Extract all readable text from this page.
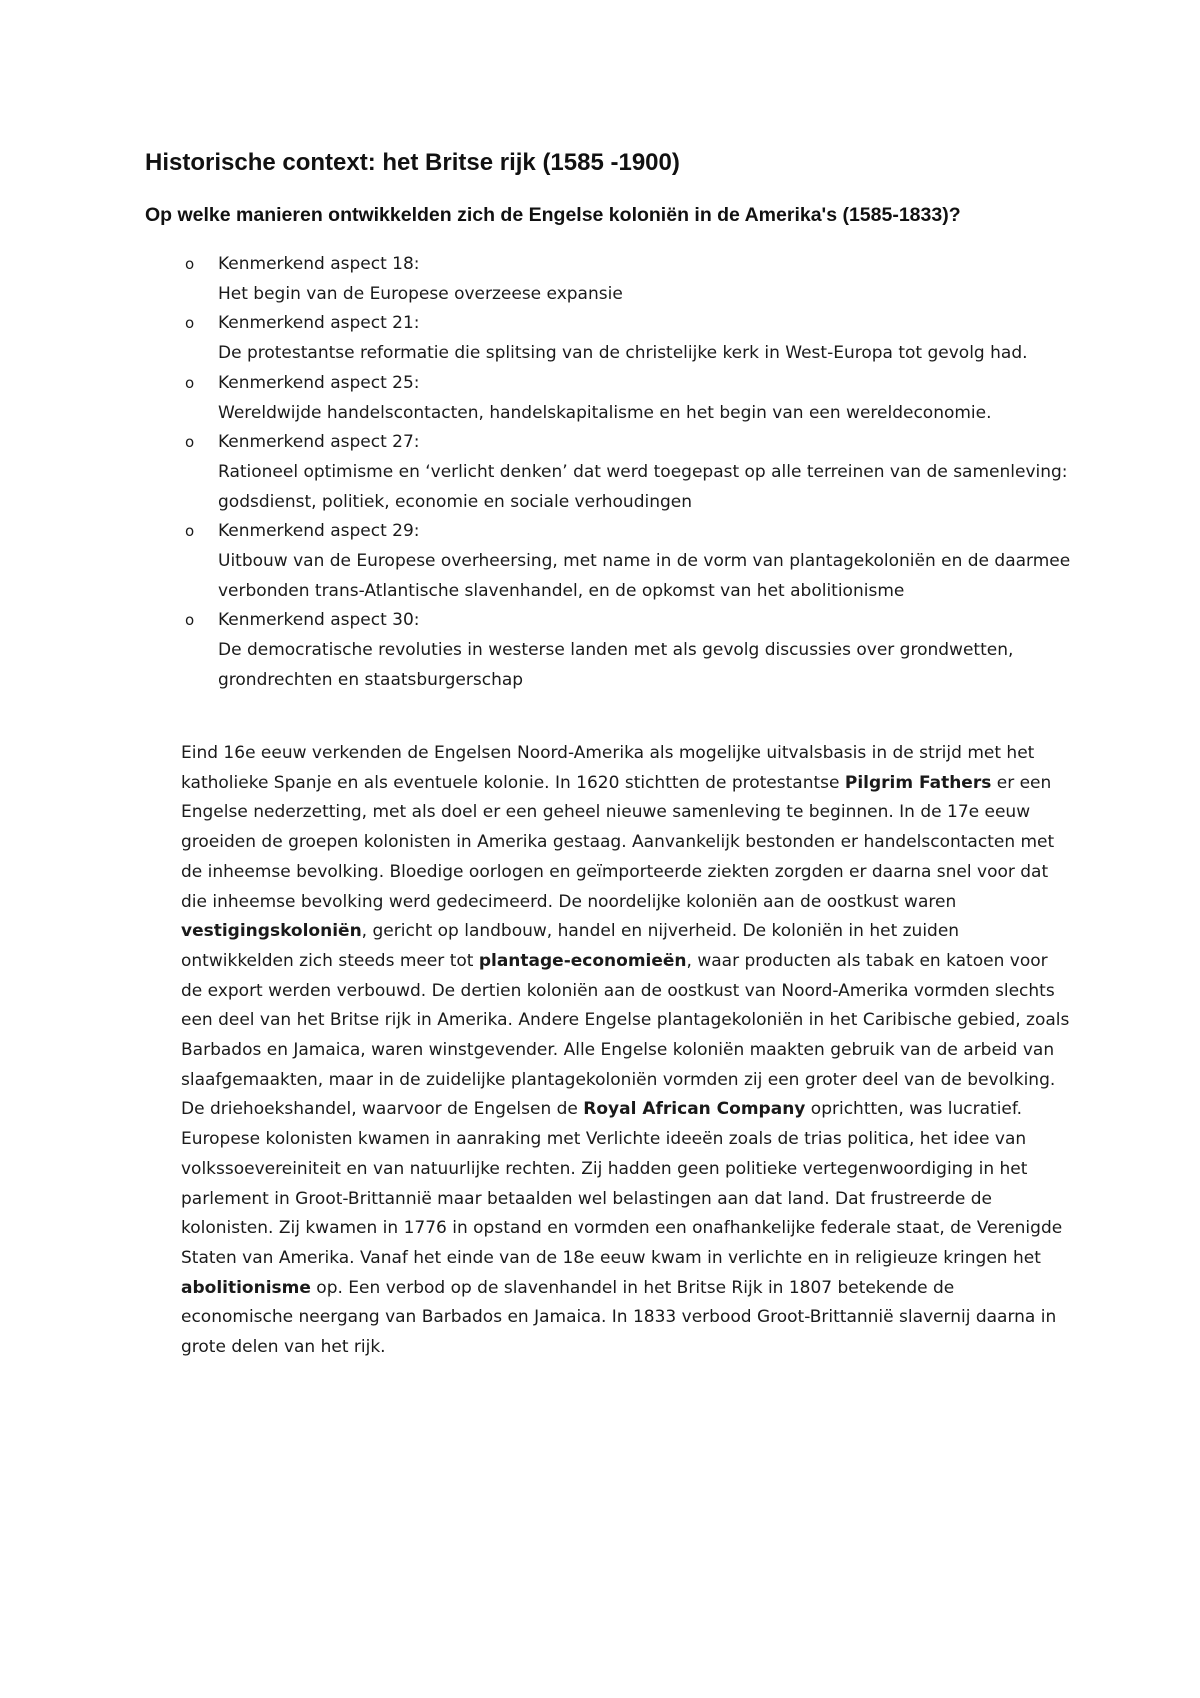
Historische context: het Britse rijk (1585 -1900)
Op welke manieren ontwikkelden zich de Engelse koloniën in de Amerika's (1585-1833)?
o Kenmerkend aspect 18:
Het begin van de Europese overzeese expansie
o Kenmerkend aspect 21:
De protestantse reformatie die splitsing van de christelijke kerk in West-Europa tot gevolg had.
o Kenmerkend aspect 25:
Wereldwijde handelscontacten, handelskapitalisme en het begin van een wereldeconomie.
o Kenmerkend aspect 27:
Rationeel optimisme en ‘verlicht denken’ dat werd toegepast op alle terreinen van de samenleving: godsdienst, politiek, economie en sociale verhoudingen
o Kenmerkend aspect 29:
Uitbouw van de Europese overheersing, met name in de vorm van plantagekoloniën en de daarmee verbonden trans-Atlantische slavenhandel, en de opkomst van het abolitionisme
o Kenmerkend aspect 30:
De democratische revoluties in westerse landen met als gevolg discussies over grondwetten, grondrechten en staatsburgerschap

Eind 16e eeuw verkenden de Engelsen Noord-Amerika als mogelijke uitvalsbasis in de strijd met het katholieke Spanje en als eventuele kolonie. In 1620 stichtten de protestantse Pilgrim Fathers er een Engelse nederzetting, met als doel er een geheel nieuwe samenleving te beginnen. In de 17e eeuw groeiden de groepen kolonisten in Amerika gestaag. Aanvankelijk bestonden er handelscontacten met de inheemse bevolking. Bloedige oorlogen en geïmporteerde ziekten zorgden er daarna snel voor dat die inheemse bevolking werd gedecimeerd. De noordelijke koloniën aan de oostkust waren vestigingskoloniën, gericht op landbouw, handel en nijverheid. De koloniën in het zuiden ontwikkelden zich steeds meer tot plantage-economieën, waar producten als tabak en katoen voor de export werden verbouwd. De dertien koloniën aan de oostkust van Noord-Amerika vormden slechts een deel van het Britse rijk in Amerika. Andere Engelse plantagekoloniën in het Caribische gebied, zoals Barbados en Jamaica, waren winstgevender. Alle Engelse koloniën maakten gebruik van de arbeid van slaafgemaakten, maar in de zuidelijke plantagekoloniën vormden zij een groter deel van de bevolking. De driehoekshandel, waarvoor de Engelsen de Royal African Company oprichtten, was lucratief. Europese kolonisten kwamen in aanraking met Verlichte ideeën zoals de trias politica, het idee van volkssoevereiniteit en van natuurlijke rechten. Zij hadden geen politieke vertegenwoordiging in het parlement in Groot-Brittannië maar betaalden wel belastingen aan dat land. Dat frustreerde de kolonisten. Zij kwamen in 1776 in opstand en vormden een onafhankelijke federale staat, de Verenigde Staten van Amerika. Vanaf het einde van de 18e eeuw kwam in verlichte en in religieuze kringen het abolitionisme op. Een verbod op de slavenhandel in het Britse Rijk in 1807 betekende de economische neergang van Barbados en Jamaica. In 1833 verbood Groot-Brittannië slavernij daarna in grote delen van het rijk.
